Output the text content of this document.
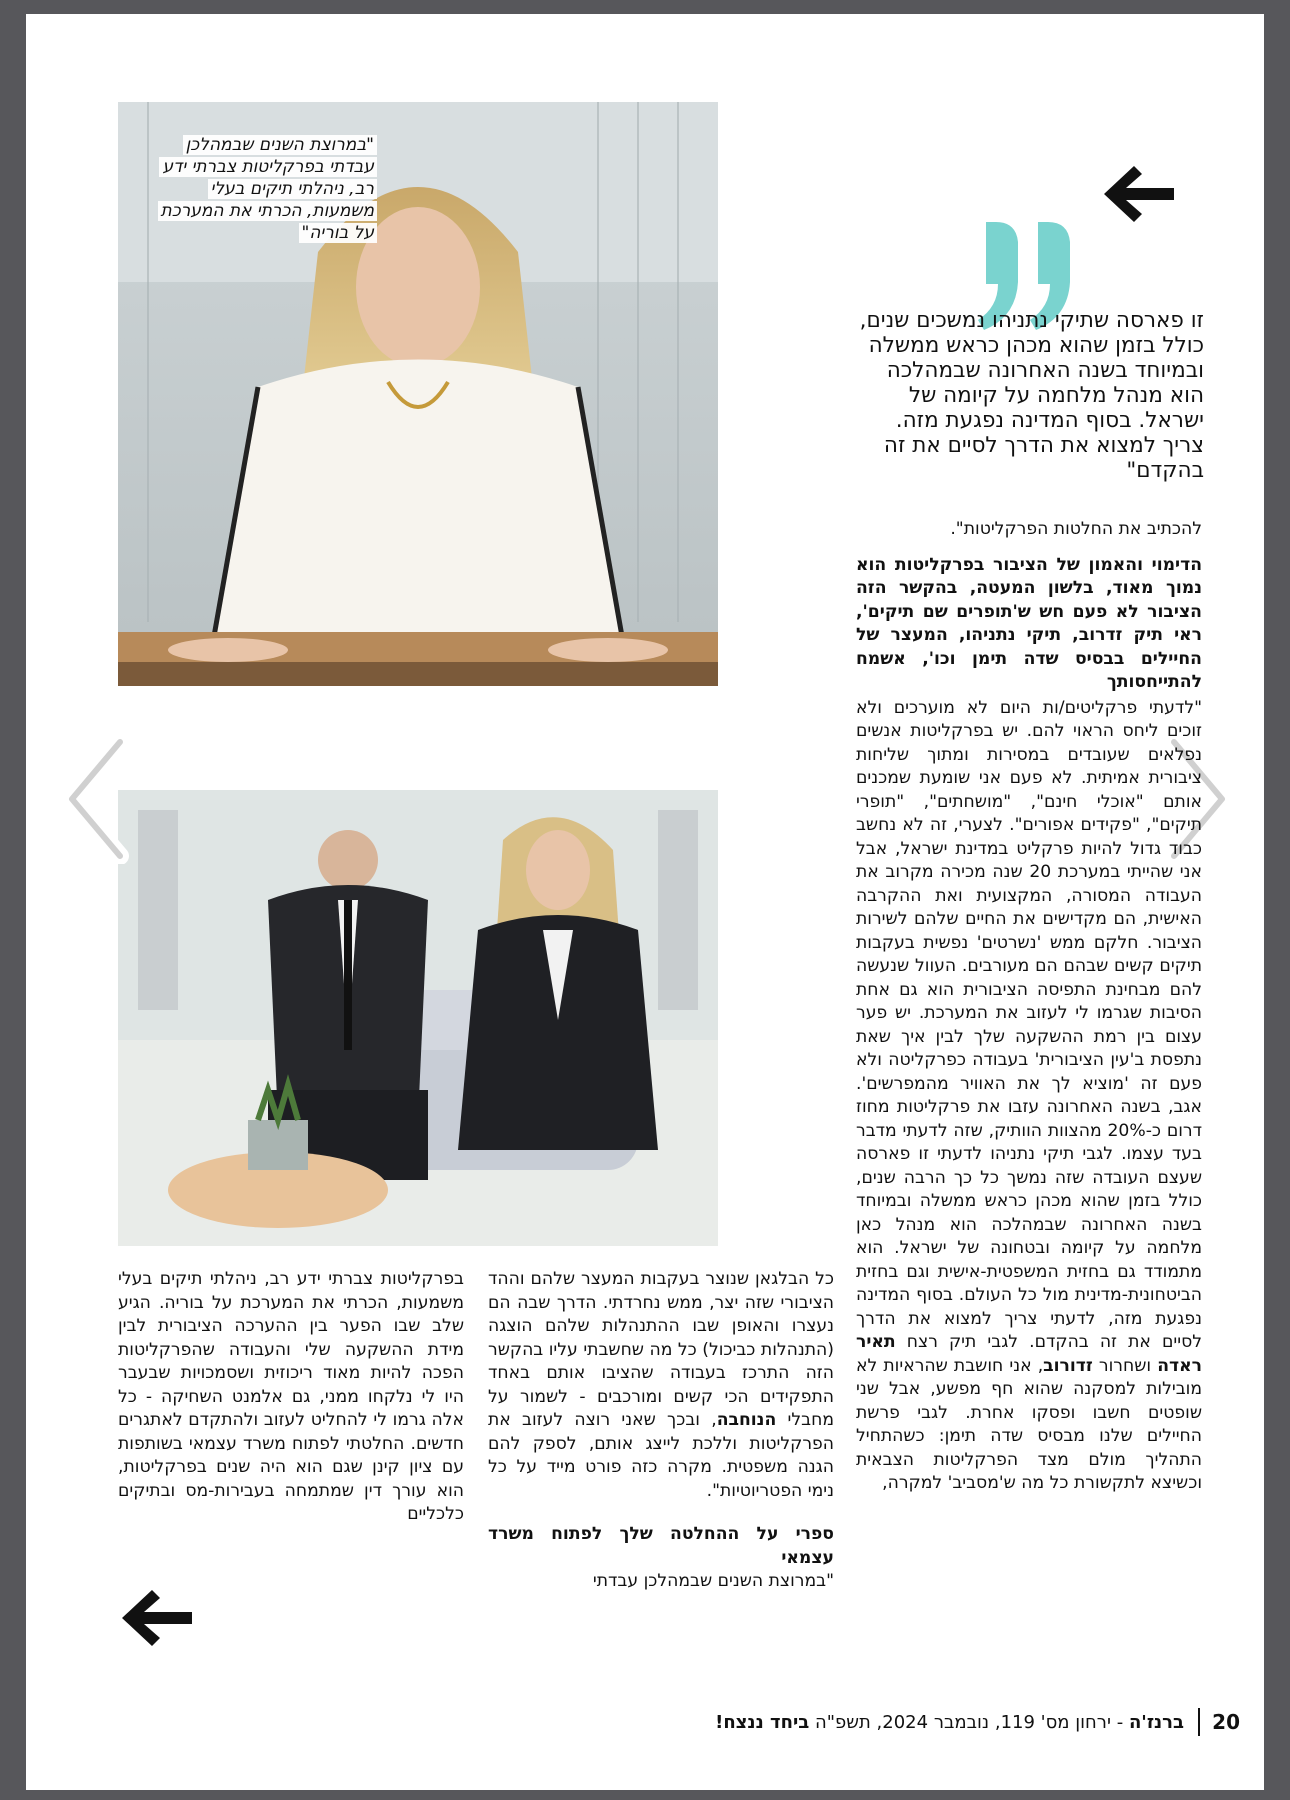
"במרוצת השנים שבמהלכן עבדתי בפרקליטות צברתי ידע רב, ניהלתי תיקים בעלי משמעות, הכרתי את המערכת על בוריה"
זו פארסה שתיקי נתניהו נמשכים שנים, כולל בזמן שהוא מכהן כראש ממשלה ובמיוחד בשנה האחרונה שבמהלכה הוא מנהל מלחמה על קיומה של ישראל. בסוף המדינה נפגעת מזה. צריך למצוא את הדרך לסיים את זה בהקדם"

להכתיב את החלטות הפרקליטות".

הדימוי והאמון של הציבור בפרקליטות הוא נמוך מאוד, בלשון המעטה, בהקשר הזה הציבור לא פעם חש ש'תופרים שם תיקים', ראי תיק זדרוב, תיקי נתניהו, המעצר של החיילים בבסיס שדה תימן וכו', אשמח להתייחסותך

"לדעתי פרקליטים/ות היום לא מוערכים ולא זוכים ליחס הראוי להם. יש בפרקליטות אנשים נפלאים שעובדים במסירות ומתוך שליחות ציבורית אמיתית. לא פעם אני שומעת שמכנים אותם "אוכלי חינם", "מושחתים", "תופרי תיקים", "פקידים אפורים". לצערי, זה לא נחשב כבוד גדול להיות פרקליט במדינת ישראל, אבל אני שהייתי במערכת 20 שנה מכירה מקרוב את העבודה המסורה, המקצועית ואת ההקרבה האישית, הם מקדישים את החיים שלהם לשירות הציבור. חלקם ממש 'נשרטים' נפשית בעקבות תיקים קשים שבהם הם מעורבים. העוול שנעשה להם מבחינת התפיסה הציבורית הוא גם אחת הסיבות שגרמו לי לעזוב את המערכת. יש פער עצום בין רמת ההשקעה שלך לבין איך שאת נתפסת ב'עין הציבורית' בעבודה כפרקליטה ולא פעם זה 'מוציא לך את האוויר מהמפרשים'. אגב, בשנה האחרונה עזבו את פרקליטות מחוז דרום כ-20% מהצוות הוותיק, שזה לדעתי מדבר בעד עצמו. לגבי תיקי נתניהו לדעתי זו פארסה שעצם העובדה שזה נמשך כל כך הרבה שנים, כולל בזמן שהוא מכהן כראש ממשלה ובמיוחד בשנה האחרונה שבמהלכה הוא מנהל כאן מלחמה על קיומה ובטחונה של ישראל. הוא מתמודד גם בחזית המשפטית-אישית וגם בחזית הביטחונית-מדינית מול כל העולם. בסוף המדינה נפגעת מזה, לדעתי צריך למצוא את הדרך לסיים את זה בהקדם. לגבי תיק רצח תאיר ראדה ושחרור זדורוב, אני חושבת שהראיות לא מובילות למסקנה שהוא חף מפשע, אבל שני שופטים חשבו ופסקו אחרת. לגבי פרשת החיילים שלנו מבסיס שדה תימן: כשהתחיל התהליך מולם מצד הפרקליטות הצבאית וכשיצא לתקשורת כל מה ש'מסביב' למקרה,

כל הבלגאן שנוצר בעקבות המעצר שלהם וההד הציבורי שזה יצר, ממש נחרדתי. הדרך שבה הם נעצרו והאופן שבו ההתנהלות שלהם הוצגה (התנהלות כביכול) כל מה שחשבתי עליו בהקשר הזה התרכז בעבודה שהציבו אותם באחד התפקידים הכי קשים ומורכבים - לשמור על מחבלי הנוחבה, ובכך שאני רוצה לעזוב את הפרקליטות וללכת לייצג אותם, לספק להם הגנה משפטית. מקרה כזה פורט מייד על כל נימי הפטריוטיות".

ספרי על ההחלטה שלך לפתוח משרד עצמאי

"במרוצת השנים שבמהלכן עבדתי

בפרקליטות צברתי ידע רב, ניהלתי תיקים בעלי משמעות, הכרתי את המערכת על בוריה. הגיע שלב שבו הפער בין ההערכה הציבורית לבין מידת ההשקעה שלי והעבודה שהפרקליטות הפכה להיות מאוד ריכוזית ושסמכויות שבעבר היו לי נלקחו ממני, גם אלמנט השחיקה - כל אלה גרמו לי להחליט לעזוב ולהתקדם לאתגרים חדשים. החלטתי לפתוח משרד עצמאי בשותפות עם ציון קינן שגם הוא היה שנים בפרקליטות, הוא עורך דין שמתמחה בעבירות-מס ובתיקים כלכליים

ברנז'ה - ירחון מס' 119, נובמבר 2024, תשפ"ה ביחד ננצח!	20
